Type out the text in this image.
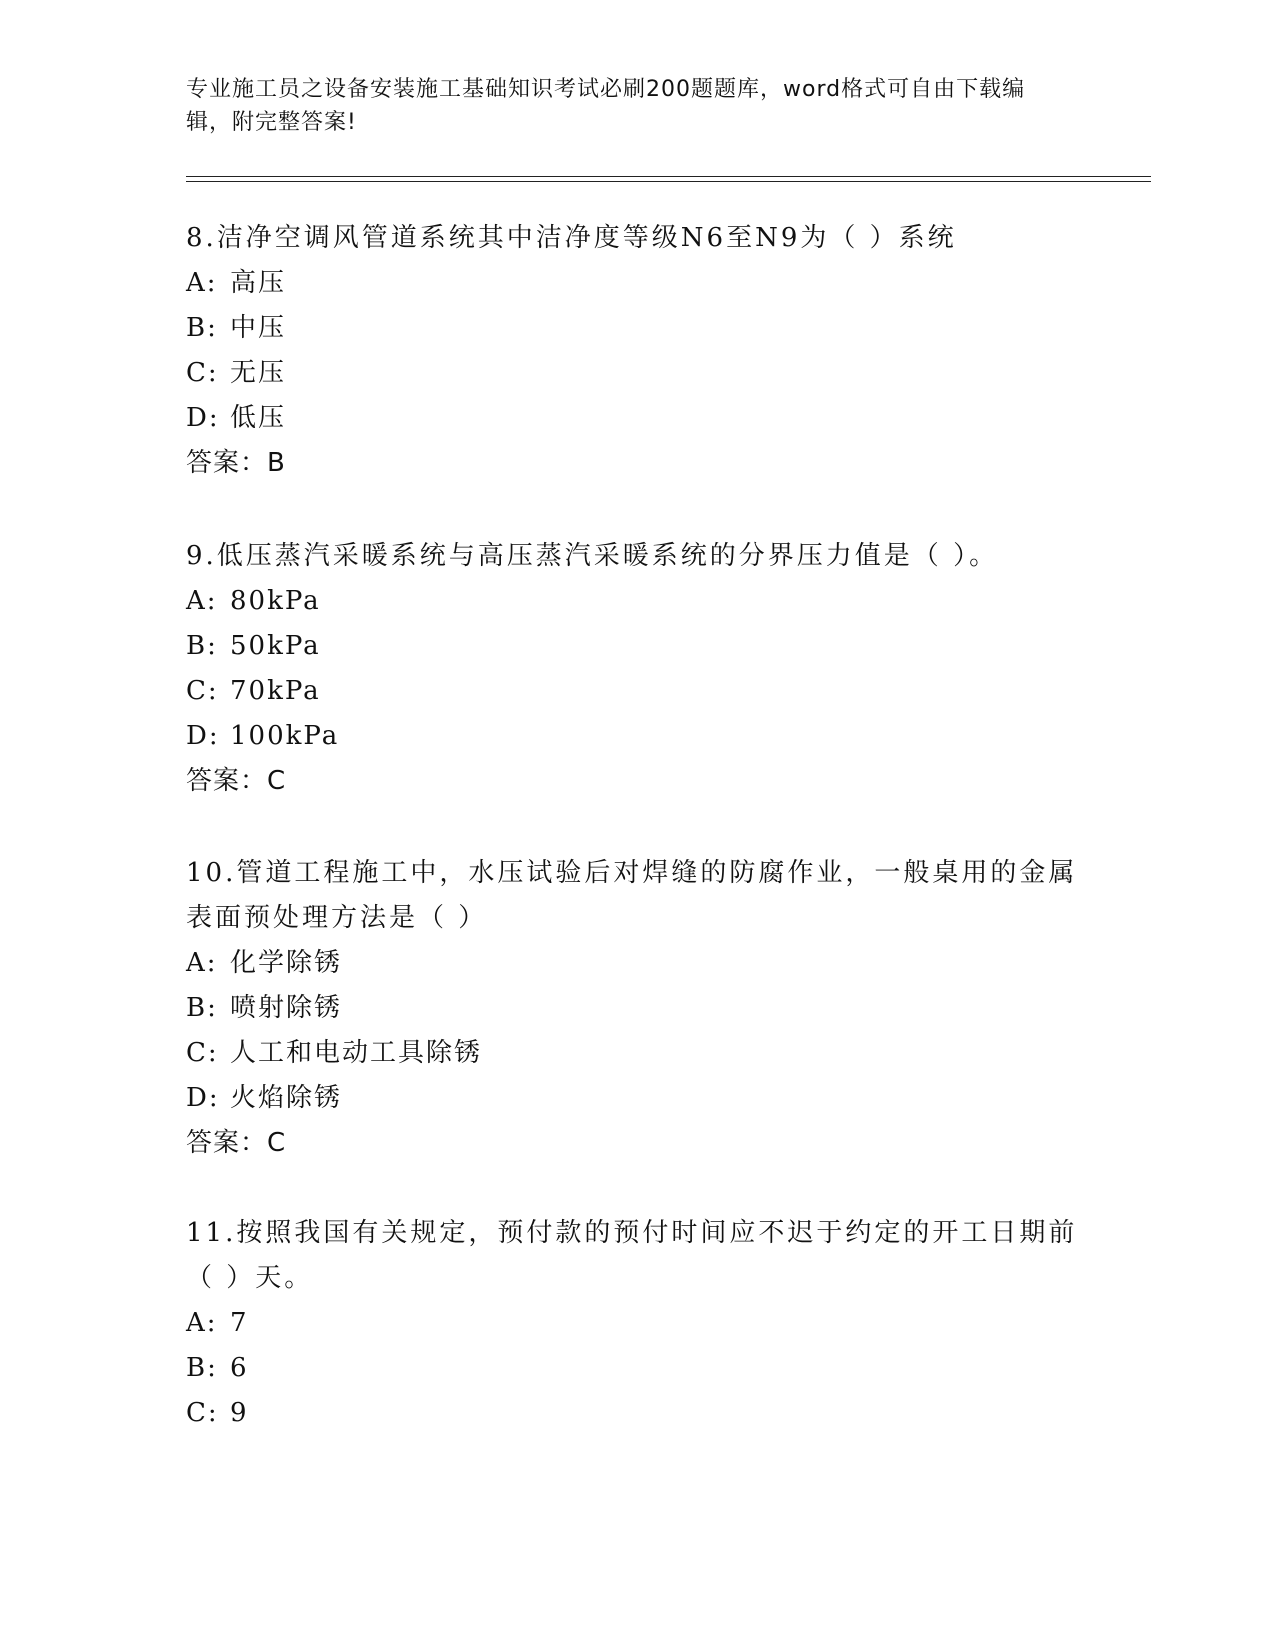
专业施工员之设备安装施工基础知识考试必刷200题题库，word格式可自由下载编辑，附完整答案!

8.洁净空调风管道系统其中洁净度等级N6至N9为（ ）系统

A: 高压
B: 中压
C: 无压
D: 低压
答案：B

9.低压蒸汽采暖系统与高压蒸汽采暖系统的分界压力值是（ ）。

A: 80kPa
B: 50kPa
C: 70kPa
D: 100kPa
答案：C

10.管道工程施工中，水压试验后对焊缝的防腐作业，一般桌用的金属表面预处理方法是（ ）

A: 化学除锈
B: 喷射除锈
C: 人工和电动工具除锈
D: 火焰除锈
答案：C

11.按照我国有关规定，预付款的预付时间应不迟于约定的开工日期前（ ）天。

A: 7
B: 6
C: 9
